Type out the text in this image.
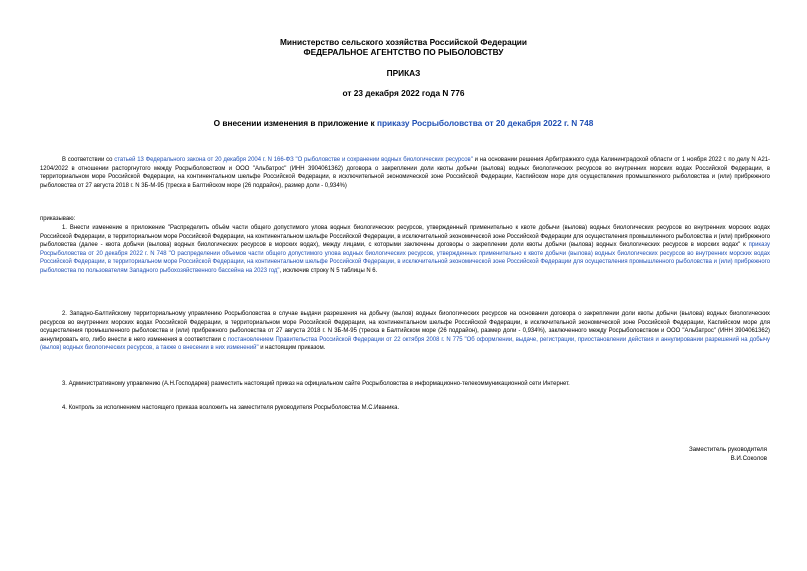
Министерство сельского хозяйства Российской Федерации
ФЕДЕРАЛЬНОЕ АГЕНТСТВО ПО РЫБОЛОВСТВУ
ПРИКАЗ
от 23 декабря 2022 года N 776
О внесении изменения в приложение к приказу Росрыболовства от 20 декабря 2022 г. N 748

В соответствии со статьей 13 Федерального закона от 20 декабря 2004 г. N 166-ФЗ "О рыболовстве и сохранении водных биологических ресурсов" и на основании решения Арбитражного суда Калининградской области от 1 ноября 2022 г. по делу N А21-1204/2022 в отношении расторгнутого между Росрыболовством и ООО "Альбатрос" (ИНН 3904061362) договора о закреплении доли квоты добычи (вылова) водных биологических ресурсов во внутренних морских водах Российской Федерации, в территориальном море Российской Федерации, на континентальном шельфе Российской Федерации, в исключительной экономической зоне Российской Федерации, Каспийском море для осуществления промышленного рыболовства и (или) прибрежного рыболовства от 27 августа 2018 г. N 3Б-М-95 (треска в Балтийском море (26 подрайон), размер доли - 0,934%)

приказываю:

1. Внести изменение в приложение "Распределить объём части общего допустимого улова водных биологических ресурсов, утвержденный применительно к квоте добычи (вылова) водных биологических ресурсов во внутренних морских водах Российской Федерации, в территориальном море Российской Федерации, на континентальном шельфе Российской Федерации, в исключительной экономической зоне Российской Федерации для осуществления промышленного рыболовства и (или) прибрежного рыболовства (далее - квота добычи (вылова) водных биологических ресурсов в морских водах), между лицами, с которыми заключены договоры о закреплении доли квоты добычи (вылова) водных биологических ресурсов в морских водах" к приказу Росрыболовства от 20 декабря 2022 г. N 748 "О распределении объемов части общего допустимого улова водных биологических ресурсов, утвержденных применительно к квоте добычи (вылова) водных биологических ресурсов во внутренних морских водах Российской Федерации, в территориальном море Российской Федерации, на континентальном шельфе Российской Федерации, в исключительной экономической зоне Российской Федерации для осуществления промышленного рыболовства и (или) прибрежного рыболовства по пользователям Западного рыбохозяйственного бассейна на 2023 год", исключив строку N 5 таблицы N 6.

2. Западно-Балтийскому территориальному управлению Росрыболовства в случае выдачи разрешения на добычу (вылов) водных биологических ресурсов на основании договора о закреплении доли квоты добычи (вылова) водных биологических ресурсов во внутренних морских водах Российской Федерации, в территориальном море Российской Федерации, на континентальном шельфе Российской Федерации, в исключительной экономической зоне Российской Федерации, Каспийском море для осуществления промышленного рыболовства и (или) прибрежного рыболовства от 27 августа 2018 г. N 3Б-М-95 (треска в Балтийском море (26 подрайон), размер доли - 0,934%), заключенного между Росрыболовством и ООО "Альбатрос" (ИНН 3904061362) аннулировать его, либо внести в него изменения в соответствии с постановлением Правительства Российской Федерации от 22 октября 2008 г. N 775 "Об оформлении, выдаче, регистрации, приостановлении действия и аннулировании разрешений на добычу (вылов) водных биологических ресурсов, а также о внесении в них изменений" и настоящим приказом.

3. Административному управлению (А.Н.Господарев) разместить настоящий приказ на официальном сайте Росрыболовства в информационно-телекоммуникационной сети Интернет.

4. Контроль за исполнением настоящего приказа возложить на заместителя руководителя Росрыболовства М.С.Иваника.

Заместитель руководителя
В.И.Соколов
